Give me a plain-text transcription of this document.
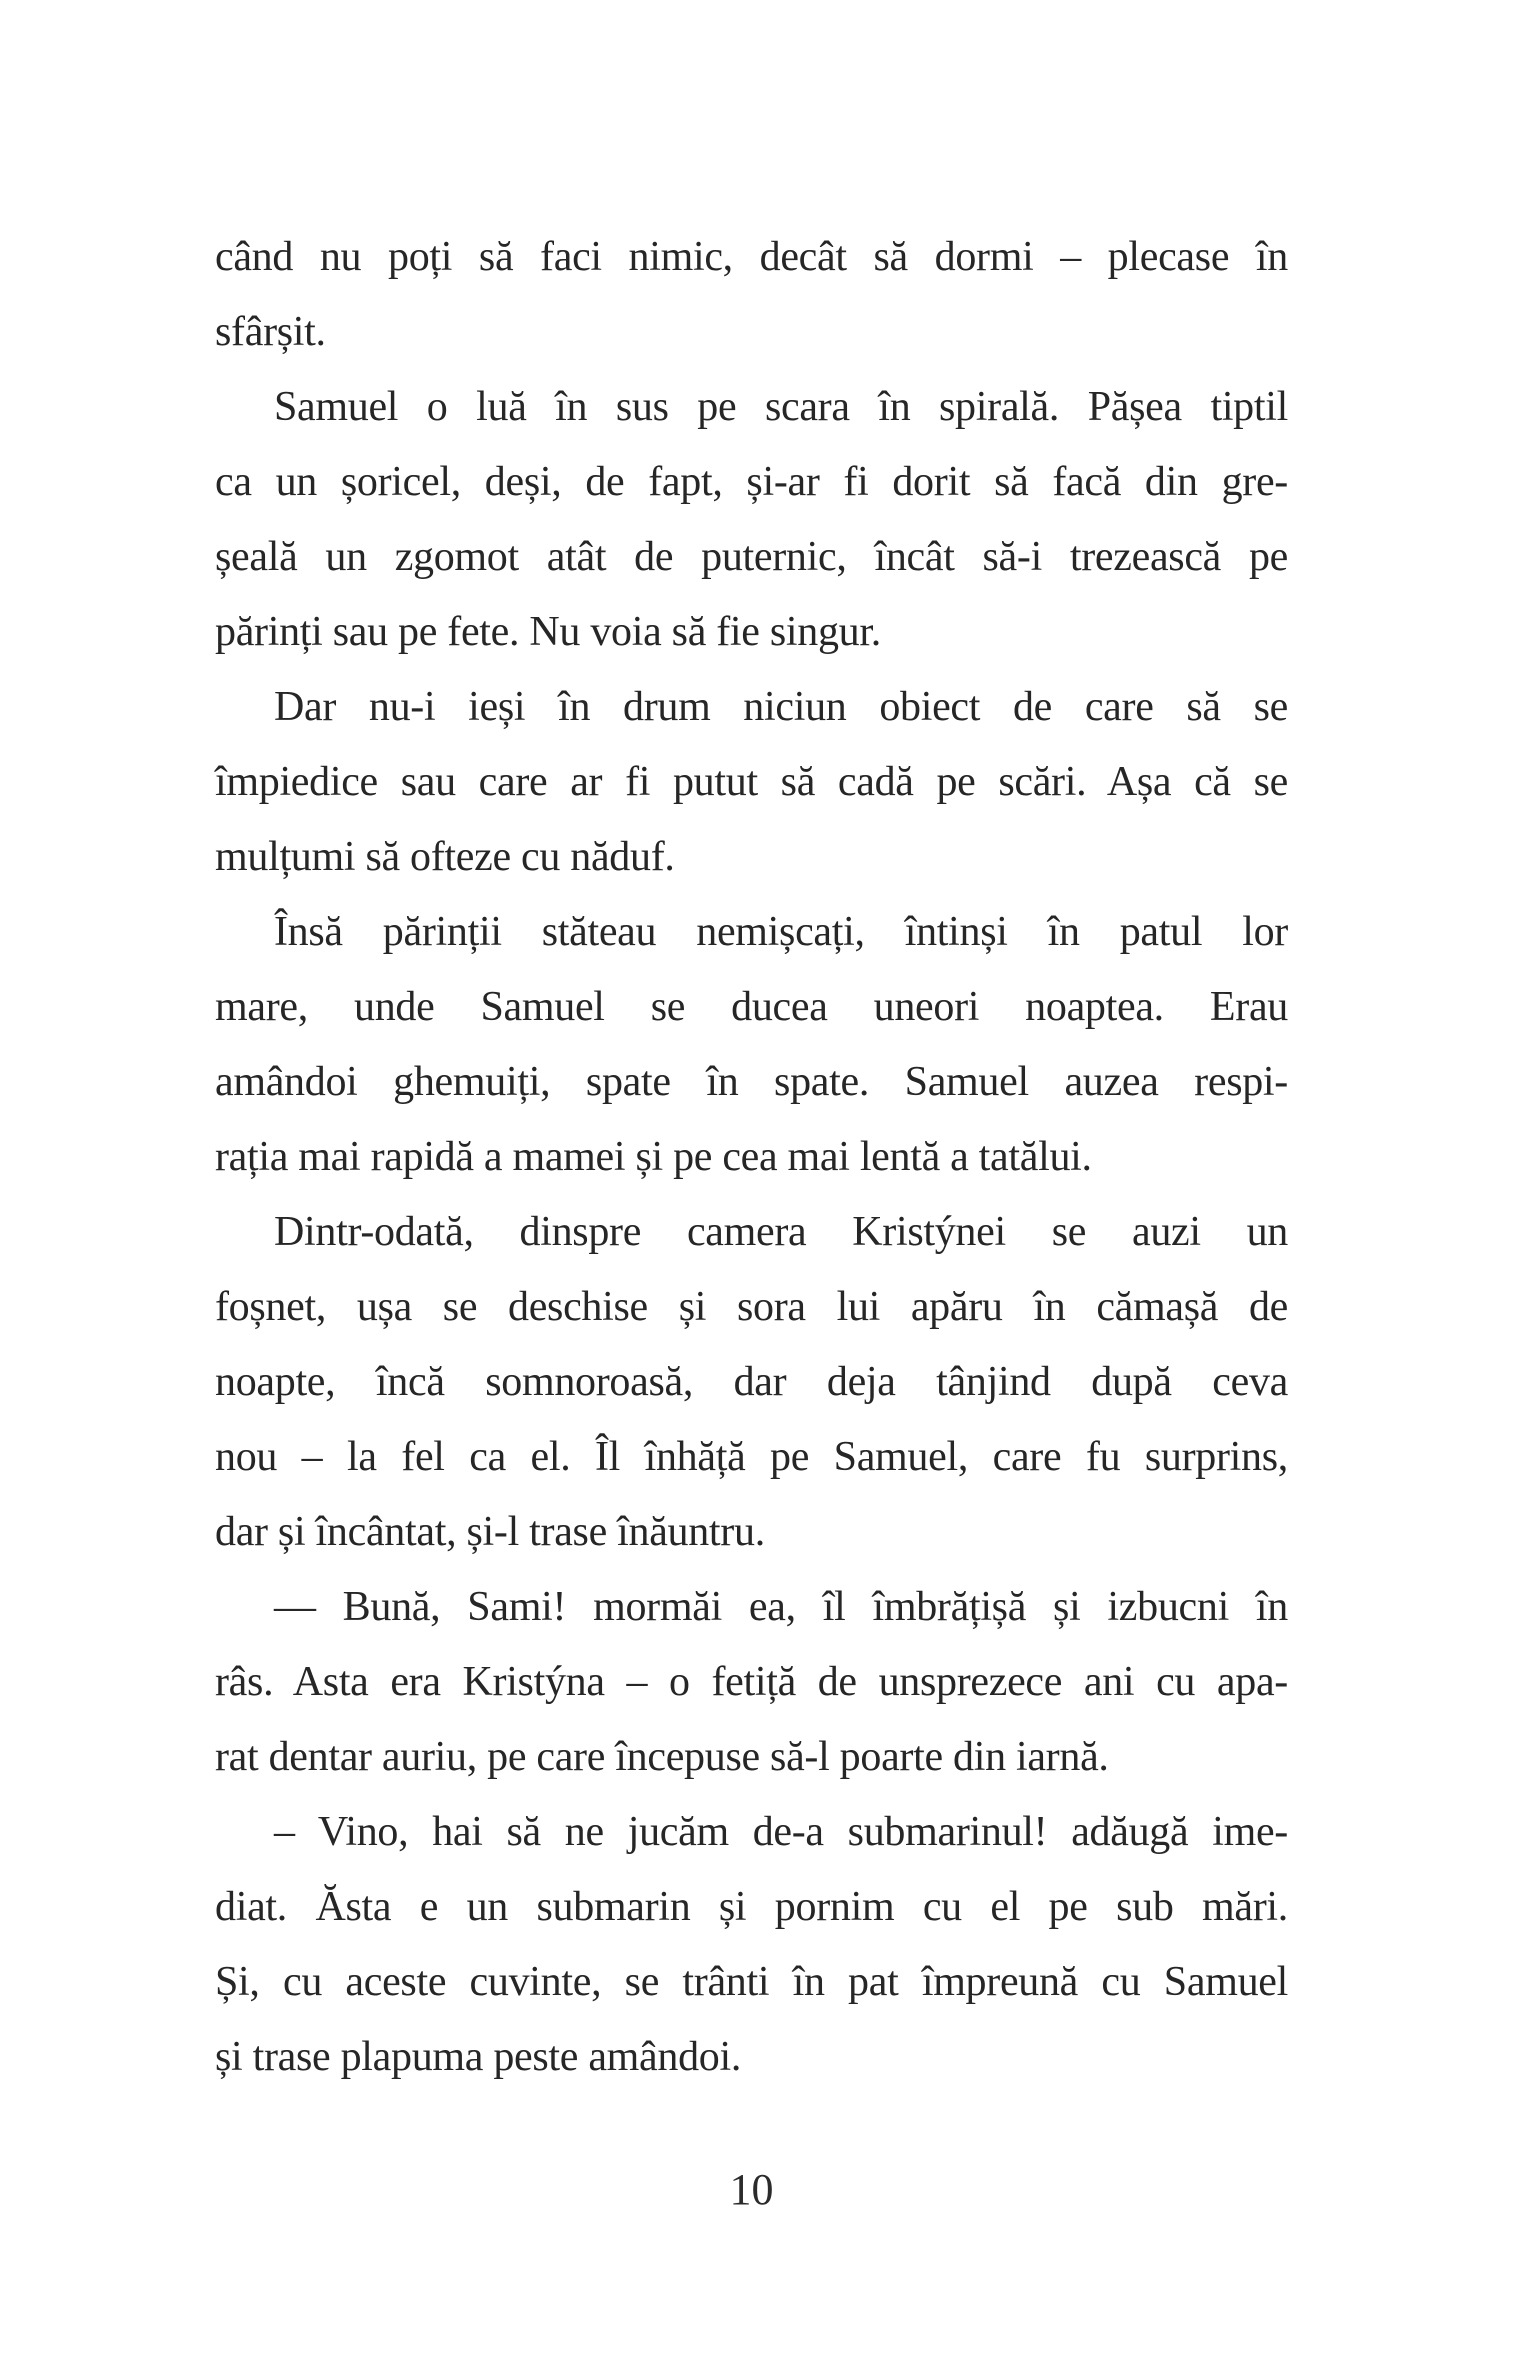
când nu poți să faci nimic, decât să dormi – plecase în
sfârșit.
Samuel o luă în sus pe scara în spirală. Pășea tiptil
ca un șoricel, deși, de fapt, și-ar fi dorit să facă din gre-
șeală un zgomot atât de puternic, încât să-i trezească pe
părinți sau pe fete. Nu voia să fie singur.
Dar nu-i ieși în drum niciun obiect de care să se
împiedice sau care ar fi putut să cadă pe scări. Așa că se
mulțumi să ofteze cu năduf.
Însă părinții stăteau nemișcați, întinși în patul lor
mare, unde Samuel se ducea uneori noaptea. Erau
amândoi ghemuiți, spate în spate. Samuel auzea respi-
rația mai rapidă a mamei și pe cea mai lentă a tatălui.
Dintr-odată, dinspre camera Kristýnei se auzi un
foșnet, ușa se deschise și sora lui apăru în cămașă de
noapte, încă somnoroasă, dar deja tânjind după ceva
nou – la fel ca el. Îl înhăță pe Samuel, care fu surprins,
dar și încântat, și-l trase înăuntru.
— Bună, Sami! mormăi ea, îl îmbrățișă și izbucni în
râs. Asta era Kristýna – o fetiță de unsprezece ani cu apa-
rat dentar auriu, pe care începuse să-l poarte din iarnă.
– Vino, hai să ne jucăm de-a submarinul! adăugă ime-
diat. Ăsta e un submarin și pornim cu el pe sub mări.
Și, cu aceste cuvinte, se trânti în pat împreună cu Samuel
și trase plapuma peste amândoi.
10
